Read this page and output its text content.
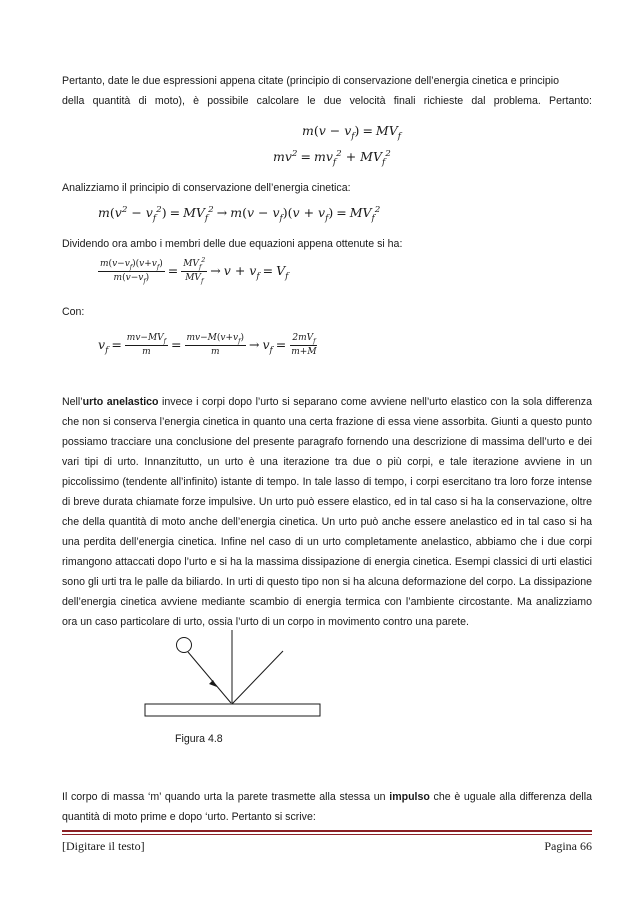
Pertanto, date le due espressioni appena citate (principio di conservazione dell’energia cinetica e principio
della quantità di moto), è possibile calcolare le due velocità finali richieste dal problema. Pertanto:

$m(v - v_f) = MV_f$
$mv^2 = mv_f^2 + MV_f^2$

Analizziamo il principio di conservazione dell’energia cinetica:

$m(v^2 - v_f^2) = MV_f^2 \to m(v - v_f)(v + v_f) = MV_f^2$

Dividendo ora ambo i membri delle due equazioni appena ottenute si ha:

$\frac{m(v-v_f)(v+v_f)}{m(v-v_f)} = \frac{MV_f^2}{MV_f} \to v + v_f = V_f$

Con:

$v_f = \frac{mv-MV_f}{m} = \frac{mv-M(v+v_f)}{m} \to v_f = \frac{2mV_f}{m+M}$

Nell’urto anelastico invece i corpi dopo l’urto si separano come avviene nell’urto elastico con la sola differenza che non si conserva l’energia cinetica in quanto una certa frazione di essa viene assorbita. Giunti a questo punto possiamo tracciare una conclusione del presente paragrafo fornendo una descrizione di massima dell’urto e dei vari tipi di urto. Innanzitutto, un urto è una iterazione tra due o più corpi, e tale iterazione avviene in un piccolissimo (tendente all’infinito) istante di tempo. In tale lasso di tempo, i corpi esercitano tra loro forze intense di breve durata chiamate forze impulsive. Un urto può essere elastico, ed in tal caso si ha la conservazione, oltre che della quantità di moto anche dell’energia cinetica. Un urto può anche essere anelastico ed in tal caso si ha una perdita dell’energia cinetica. Infine nel caso di un urto completamente anelastico, abbiamo che i due corpi rimangono attaccati dopo l’urto e si ha la massima dissipazione di energia cinetica. Esempi classici di urti elastici sono gli urti tra le palle da biliardo. In urti di questo tipo non si ha alcuna deformazione del corpo. La dissipazione dell’energia cinetica avviene mediante scambio di energia termica con l’ambiente circostante. Ma analizziamo ora un caso particolare di urto, ossia l’urto di un corpo in movimento contro una parete.

Figura 4.8

Il corpo di massa ‘m’ quando urta la parete trasmette alla stessa un impulso che è uguale alla differenza della quantità di moto prime e dopo ‘urto. Pertanto si scrive:

[Digitare il testo]	Pagina 66
